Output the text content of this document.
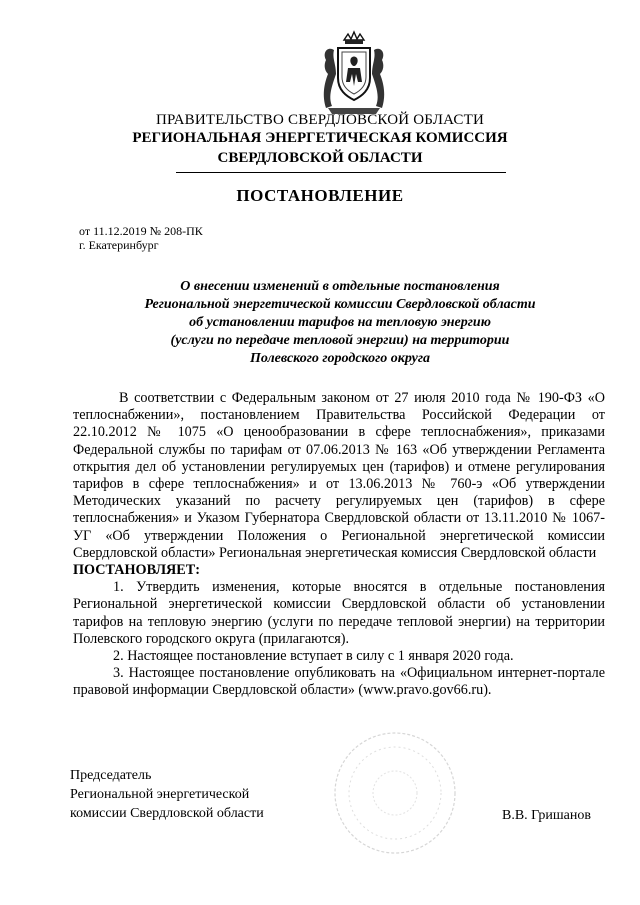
ПРАВИТЕЛЬСТВО СВЕРДЛОВСКОЙ ОБЛАСТИ
РЕГИОНАЛЬНАЯ ЭНЕРГЕТИЧЕСКАЯ КОМИССИЯ
СВЕРДЛОВСКОЙ ОБЛАСТИ
ПОСТАНОВЛЕНИЕ
от 11.12.2019 № 208-ПК
г. Екатеринбург
О внесении изменений в отдельные постановления
Региональной энергетической комиссии Свердловской области
об установлении тарифов на тепловую энергию
(услуги по передаче тепловой энергии) на территории
Полевского городского округа

В соответствии с Федеральным законом от 27 июля 2010 года № 190-ФЗ «О теплоснабжении», постановлением Правительства Российской Федерации от 22.10.2012 № 1075 «О ценообразовании в сфере теплоснабжения», приказами Федеральной службы по тарифам от 07.06.2013 № 163 «Об утверждении Регламента открытия дел об установлении регулируемых цен (тарифов) и отмене регулирования тарифов в сфере теплоснабжения» и от 13.06.2013 № 760-э «Об утверждении Методических указаний по расчету регулируемых цен (тарифов) в сфере теплоснабжения» и Указом Губернатора Свердловской области от 13.11.2010 № 1067-УГ «Об утверждении Положения о Региональной энергетической комиссии Свердловской области» Региональная энергетическая комиссия Свердловской области

ПОСТАНОВЛЯЕТ:

1. Утвердить изменения, которые вносятся в отдельные постановления Региональной энергетической комиссии Свердловской области об установлении тарифов на тепловую энергию (услуги по передаче тепловой энергии) на территории Полевского городского округа (прилагаются).

2. Настоящее постановление вступает в силу с 1 января 2020 года.

3. Настоящее постановление опубликовать на «Официальном интернет-портале правовой информации Свердловской области» (www.pravo.gov66.ru).

Председатель
Региональной энергетической
комиссии Свердловской области	В.В. Гришанов
